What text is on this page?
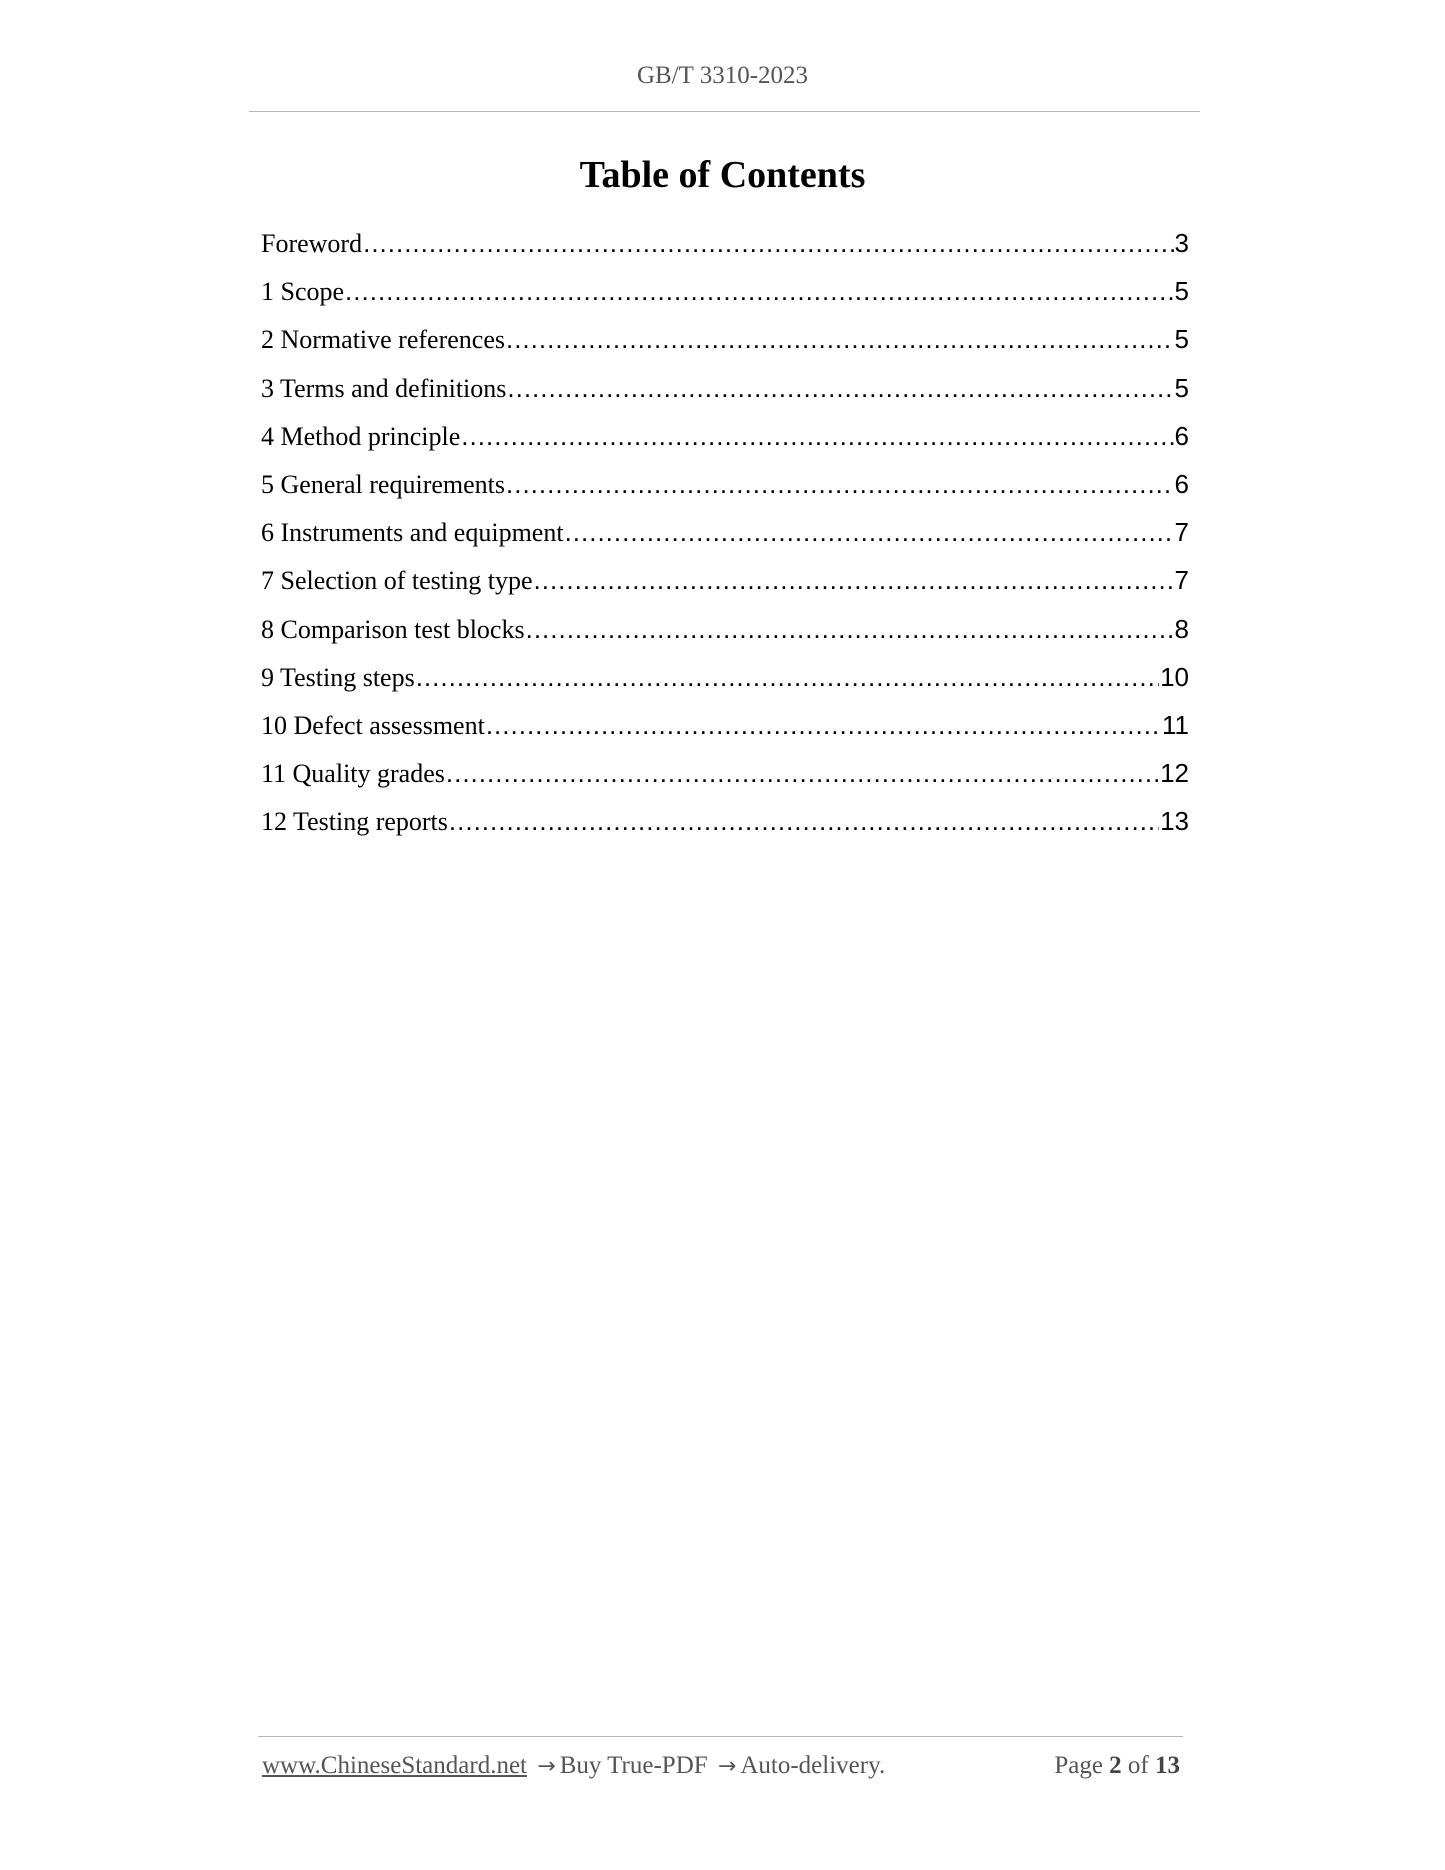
GB/T 3310-2023
Table of Contents
Foreword .....	3
1 Scope .....	5
2 Normative references .....	5
3 Terms and definitions .....	5
4 Method principle .....	6
5 General requirements .....	6
6 Instruments and equipment .....	7
7 Selection of testing type .....	7
8 Comparison test blocks .....	8
9 Testing steps .....	10
10 Defect assessment .....	11
11 Quality grades .....	12
12 Testing reports .....	13
www.ChineseStandard.net → Buy True-PDF → Auto-delivery.	Page 2 of 13
